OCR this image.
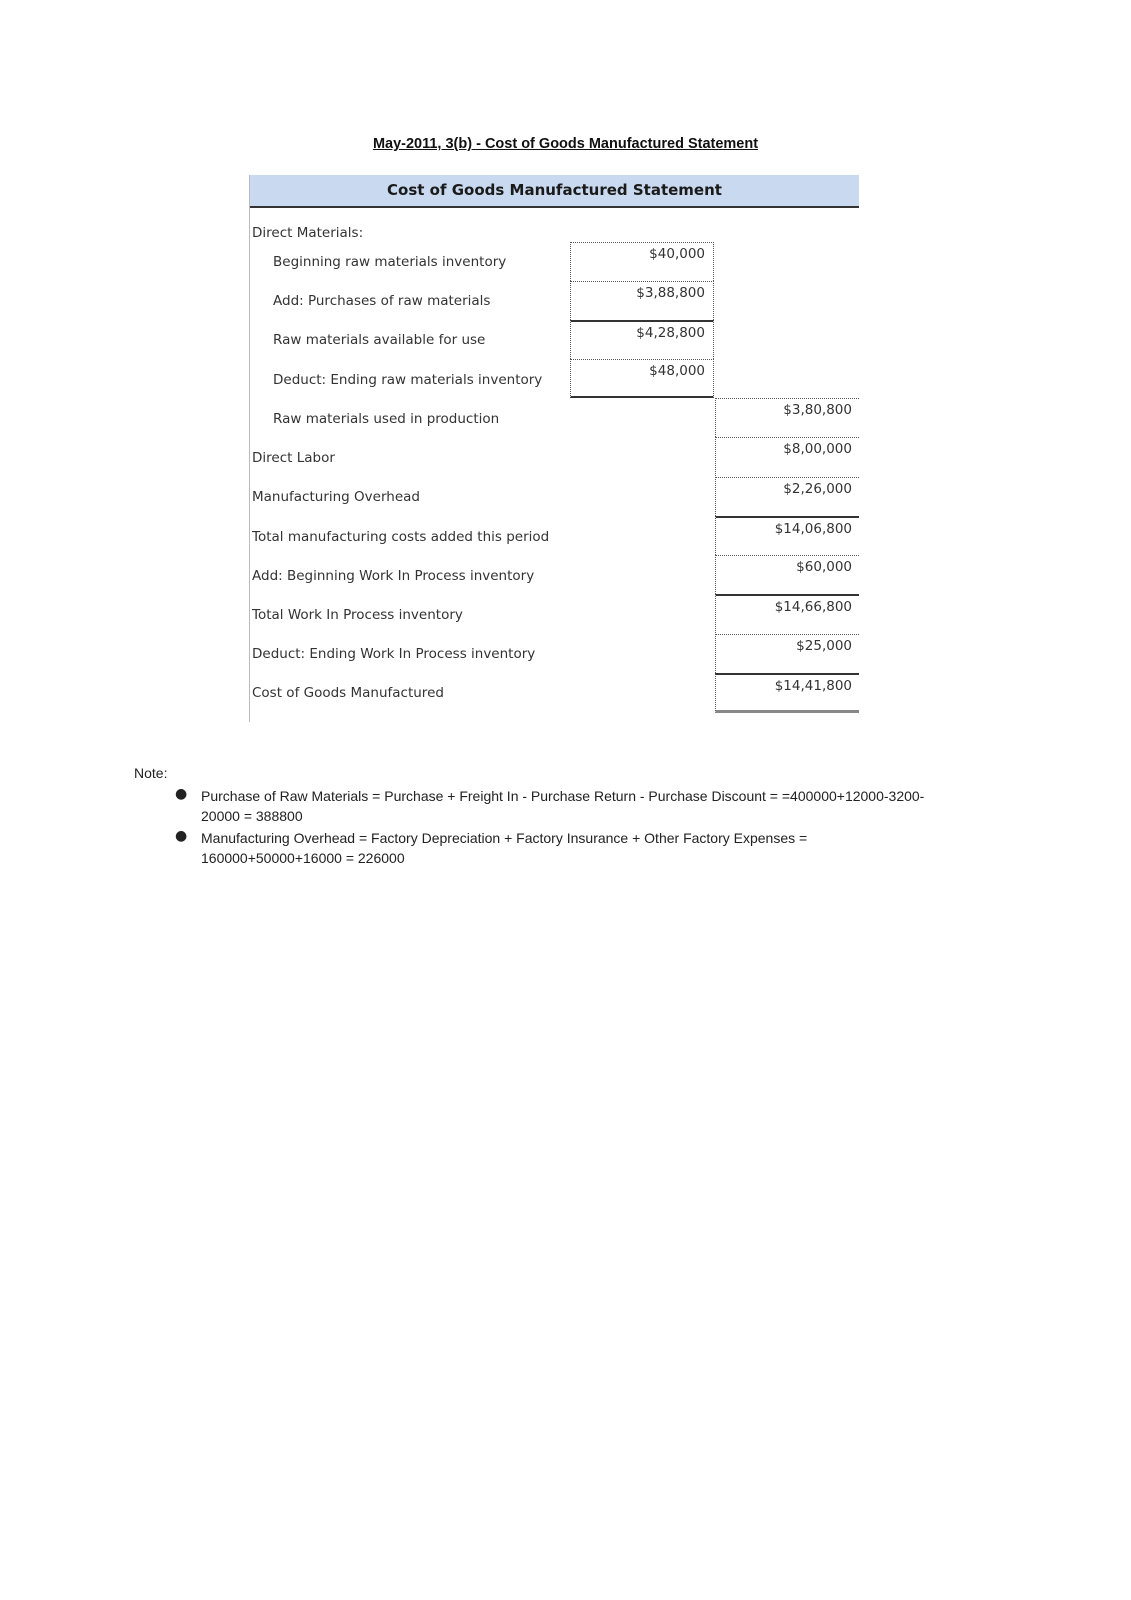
May-2011, 3(b) - Cost of Goods Manufactured Statement
Cost of Goods Manufactured Statement
Direct Materials:
Beginning raw materials inventory
Add: Purchases of raw materials
Raw materials available for use
Deduct: Ending raw materials inventory
Raw materials used in production
Direct Labor
Manufacturing Overhead
Total manufacturing costs added this period
Add: Beginning Work In Process inventory
Total Work In Process inventory
Deduct: Ending Work In Process inventory
Cost of Goods Manufactured
$40,000
$3,88,800
$4,28,800
$48,000
$3,80,800
$8,00,000
$2,26,000
$14,06,800
$60,000
$14,66,800
$25,000
$14,41,800
Note:
● Purchase of Raw Materials = Purchase + Freight In - Purchase Return - Purchase Discount = =400000+12000-3200-20000 = 388800
● Manufacturing Overhead = Factory Depreciation + Factory Insurance + Other Factory Expenses = 160000+50000+16000 = 226000
